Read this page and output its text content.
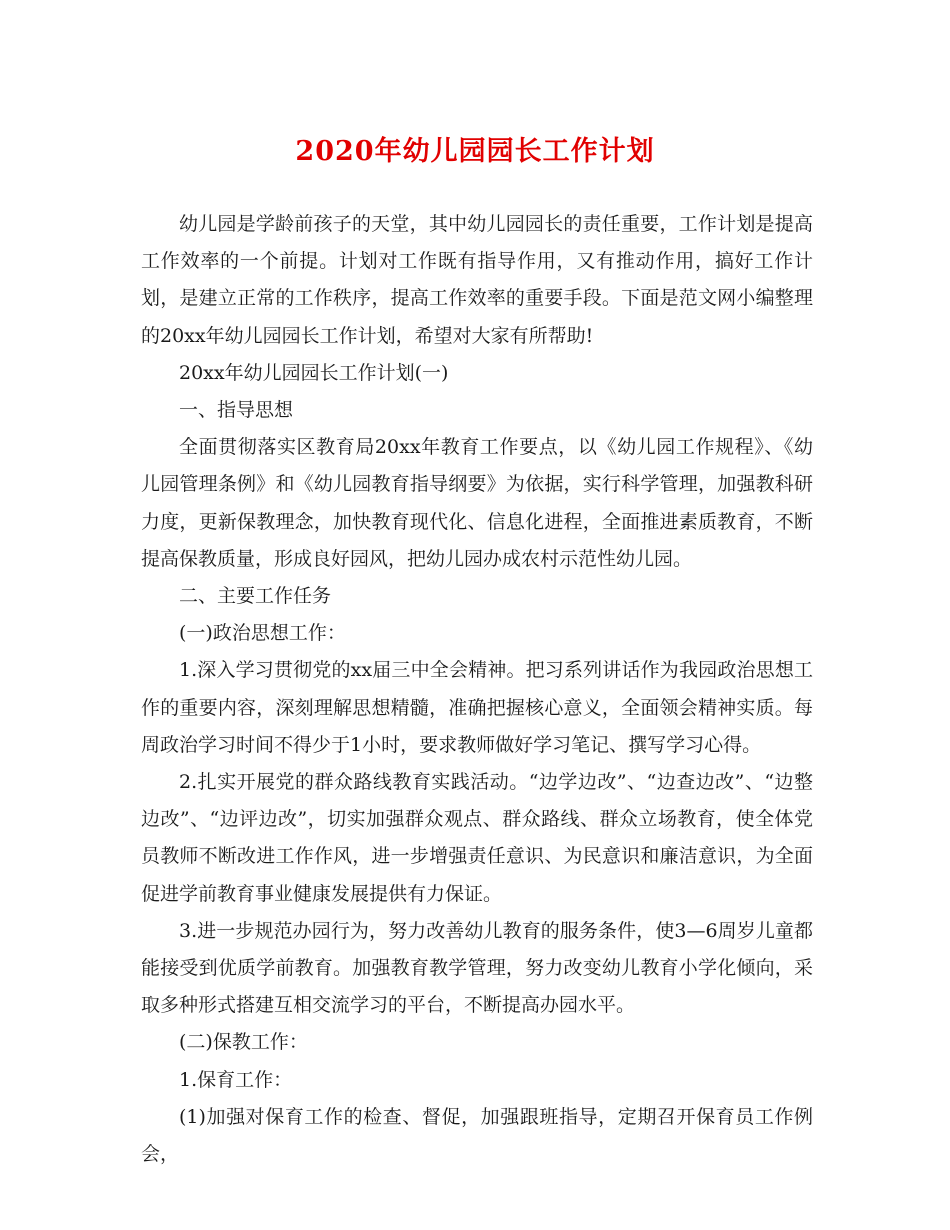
2020年幼儿园园长工作计划

幼儿园是学龄前孩子的天堂，其中幼儿园园长的责任重要，工作计划是提高工作效率的一个前提。计划对工作既有指导作用，又有推动作用，搞好工作计划，是建立正常的工作秩序，提高工作效率的重要手段。下面是范文网小编整理的20xx年幼儿园园长工作计划，希望对大家有所帮助!

20xx年幼儿园园长工作计划(一)

一、指导思想

全面贯彻落实区教育局20xx年教育工作要点，以《幼儿园工作规程》、《幼儿园管理条例》和《幼儿园教育指导纲要》为依据，实行科学管理，加强教科研力度，更新保教理念，加快教育现代化、信息化进程，全面推进素质教育，不断提高保教质量，形成良好园风，把幼儿园办成农村示范性幼儿园。

二、主要工作任务

(一)政治思想工作：

1.深入学习贯彻党的xx届三中全会精神。把习系列讲话作为我园政治思想工作的重要内容，深刻理解思想精髓，准确把握核心意义，全面领会精神实质。每周政治学习时间不得少于1小时，要求教师做好学习笔记、撰写学习心得。

2.扎实开展党的群众路线教育实践活动。“边学边改”、“边查边改”、“边整边改”、“边评边改”，切实加强群众观点、群众路线、群众立场教育，使全体党员教师不断改进工作作风，进一步增强责任意识、为民意识和廉洁意识，为全面促进学前教育事业健康发展提供有力保证。

3.进一步规范办园行为，努力改善幼儿教育的服务条件，使3—6周岁儿童都能接受到优质学前教育。加强教育教学管理，努力改变幼儿教育小学化倾向，采取多种形式搭建互相交流学习的平台，不断提高办园水平。

(二)保教工作：

1.保育工作：

(1)加强对保育工作的检查、督促，加强跟班指导，定期召开保育员工作例会，
